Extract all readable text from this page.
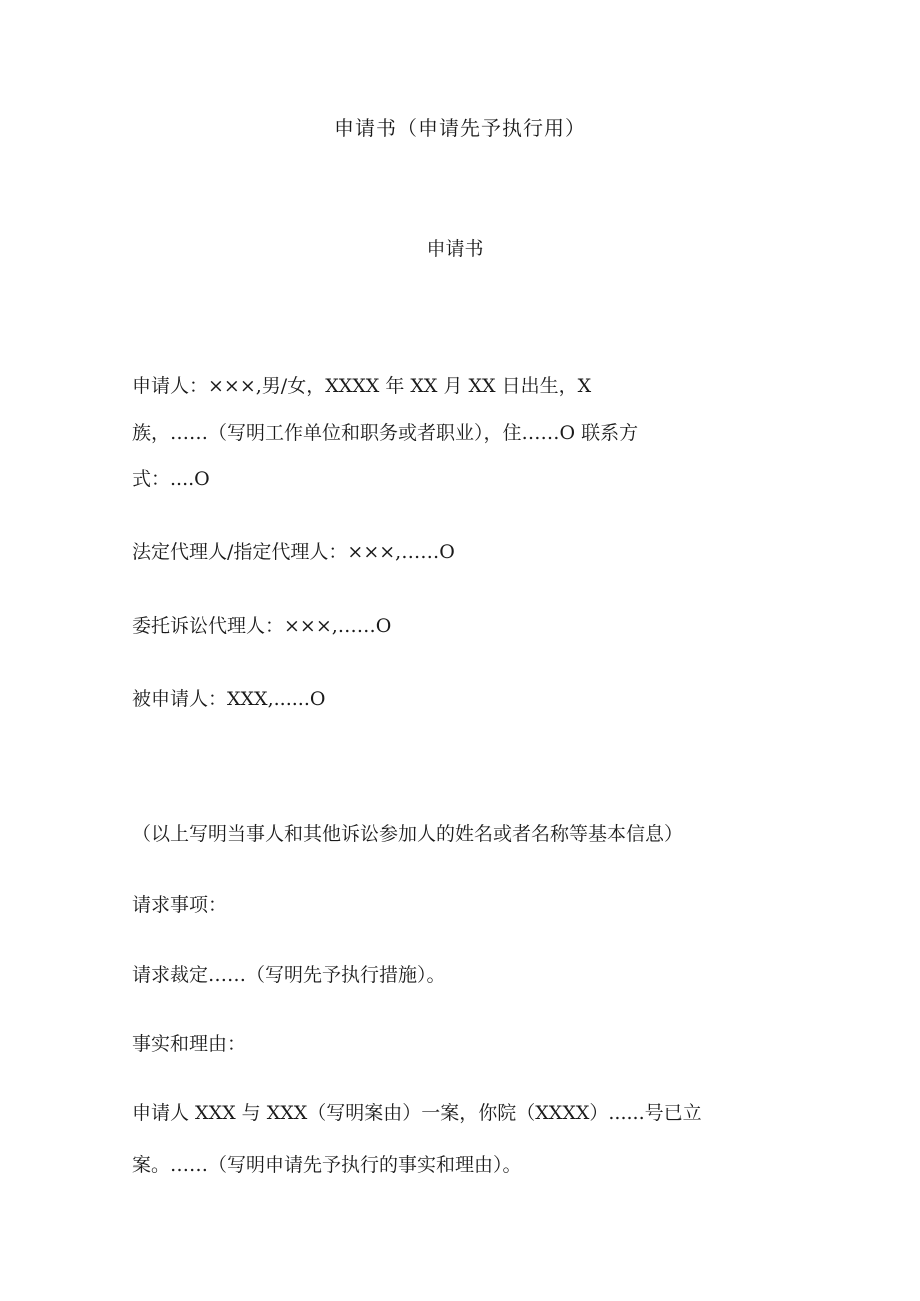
申请书（申请先予执行用）
申请书
申请人：×××,男/女，XXXX 年 XX 月 XX 日出生，X
族，……（写明工作单位和职务或者职业），住……O 联系方
式：....O
法定代理人/指定代理人：×××,……O
委托诉讼代理人：×××,……O
被申请人：XXX,......O
（以上写明当事人和其他诉讼参加人的姓名或者名称等基本信息）
请求事项：
请求裁定……（写明先予执行措施）。
事实和理由：
申请人 XXX 与 XXX（写明案由）一案，你院（XXXX）......号已立
案。……（写明申请先予执行的事实和理由）。
